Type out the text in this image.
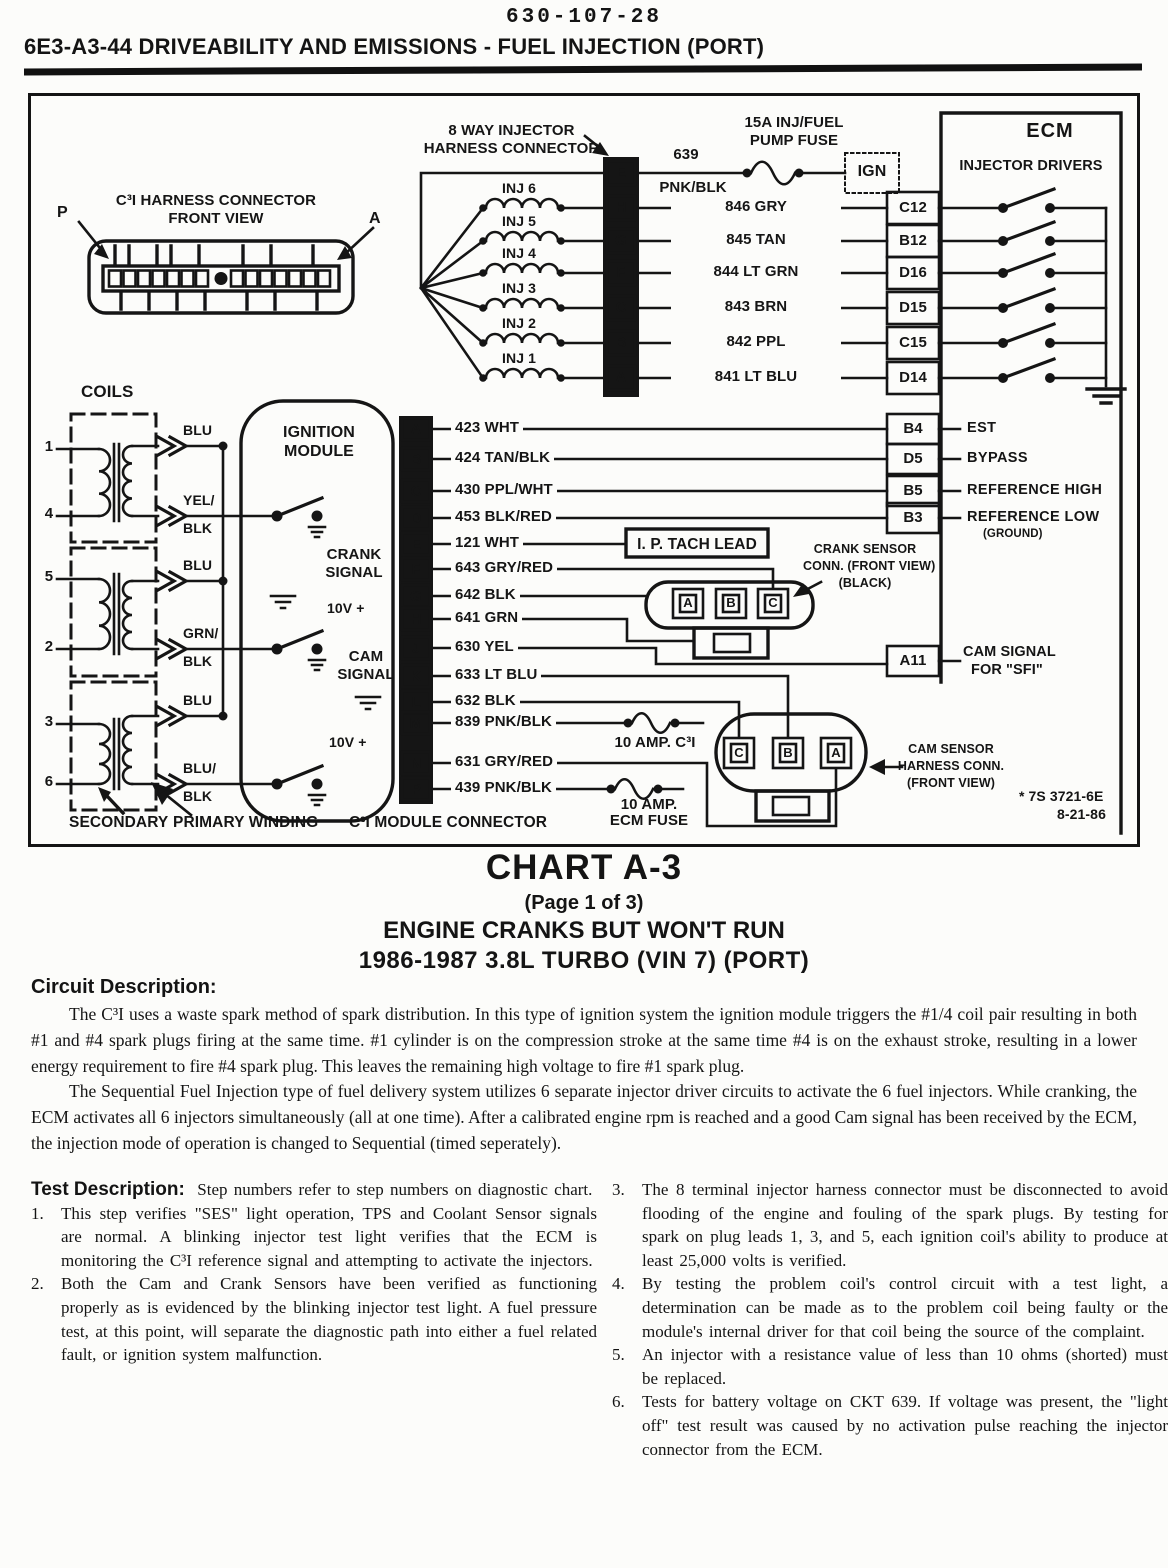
630-107-28
6E3-A3-44 DRIVEABILITY AND EMISSIONS - FUEL INJECTION (PORT)
8 WAY INJECTOR
HARNESS CONNECTOR
15A INJ/FUEL
PUMP FUSE
639
PNK/BLK
IGN
ECM
INJECTOR DRIVERS
C³I HARNESS CONNECTOR
FRONT VIEW
P	A
COILS
IGNITION
MODULE
CRANK
SIGNAL
10V +
CAM
SIGNAL
10V +
I. P. TACH LEAD	CRANK SENSOR
CONN. (FRONT VIEW)
(BLACK)
CAM SIGNAL
FOR "SFI"
10 AMP. C³I
10 AMP.
ECM FUSE
CAM SENSOR
HARNESS CONN.
(FRONT VIEW)
* 7S 3721-6E
8-21-86
SECONDARY PRIMARY WINDING C³I MODULE CONNECTOR
E
INJ 6
H	846 GRY	C12
INJ 5
G	845 TAN	B12
INJ 4
F	844 LT GRN	D16
INJ 3
C	843 BRN	D15
INJ 2
B	842 PPL	C15
INJ 1
A	841 LT BLU	D14
A	423 WHT
B	424 TAN/BLK
C	430 PPL/WHT
D	453 BLK/RED
E	121 WHT
F	643 GRY/RED
G	642 BLK
H	641 GRN
J	630 YEL
K	633 LT BLU
L	632 BLK
M	839 PNK/BLK
N	631 GRY/RED
P	439 PNK/BLK
B4	EST
D5	BYPASS
B5	REFERENCE HIGH
B3	REFERENCE LOW
(GROUND)
A11
A	B	C
C	B	A
1
4
5
2
3
6
BLU
YEL/
BLK
BLU
GRN/
BLK
BLU
BLU/
BLK
CHART A-3
(Page 1 of 3)
ENGINE CRANKS BUT WON'T RUN
1986-1987 3.8L TURBO (VIN 7) (PORT)
Circuit Description:

The C³I uses a waste spark method of spark distribution. In this type of ignition system the ignition module triggers the #1/4 coil pair resulting in both #1 and #4 spark plugs firing at the same time. #1 cylinder is on the compression stroke at the same time #4 is on the exhaust stroke, resulting in a lower energy requirement to fire #4 spark plug. This leaves the remaining high voltage to fire #1 spark plug.

The Sequential Fuel Injection type of fuel delivery system utilizes 6 separate injector driver circuits to activate the 6 fuel injectors. While cranking, the ECM activates all 6 injectors simultaneously (all at one time). After a calibrated engine rpm is reached and a good Cam signal has been received by the ECM, the injection mode of operation is changed to Sequential (timed seperately).

Test Description: Step numbers refer to step numbers on diagnostic chart.

1.	This step verifies "SES" light operation, TPS and Coolant Sensor signals are normal. A blinking injector test light verifies that the ECM is monitoring the C³I reference signal and attempting to activate the injectors.
2.	Both the Cam and Crank Sensors have been verified as functioning properly as is evidenced by the blinking injector test light. A fuel pressure test, at this point, will separate the diagnostic path into either a fuel related fault, or ignition system malfunction.
3.	The 8 terminal injector harness connector must be disconnected to avoid flooding of the engine and fouling of the spark plugs. By testing for spark on plug leads 1, 3, and 5, each ignition coil's ability to produce at least 25,000 volts is verified.
4.	By testing the problem coil's control circuit with a test light, a determination can be made as to the problem coil being faulty or the module's internal driver for that coil being the source of the complaint.
5.	An injector with a resistance value of less than 10 ohms (shorted) must be replaced.
6.	Tests for battery voltage on CKT 639. If voltage was present, the "light off" test result was caused by no activation pulse reaching the injector connector from the ECM.
